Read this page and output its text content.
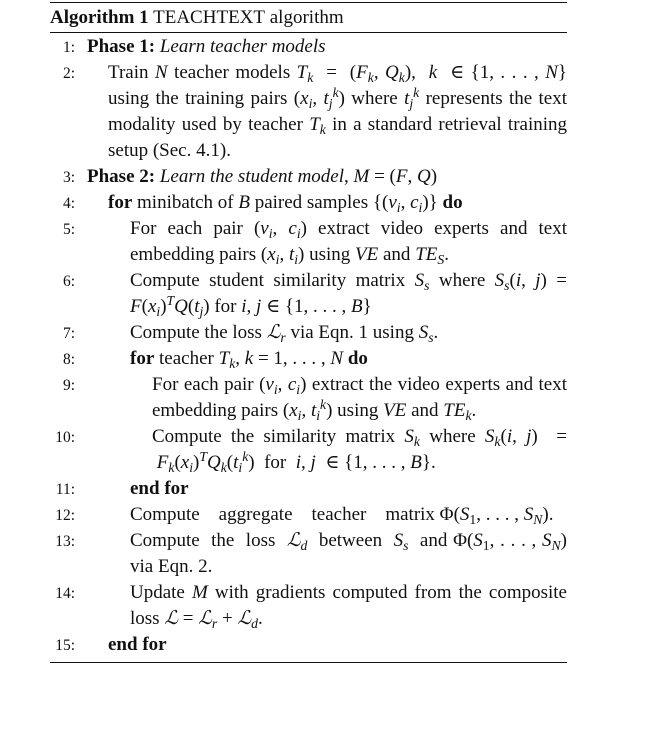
Algorithm 1 TEACHTEXT algorithm
1: Phase 1: Learn teacher models
2: Train N teacher models $T_k = (F_k$, $Q_k$),  k  ∈ {1, . . . , N} using the training pairs ($x_i$, $t_j^k$) where $t_j^k$ represents the text modality used by teacher $T_k$ in a standard retrieval training setup (Sec. 4.1).
3: Phase 2: Learn the student model, M = (F, Q)
4: for minibatch of B paired samples {($v_i$, $c_i$)} do
5:	For each pair ($v_i$, $c_i$) extract video experts and text embedding pairs ($x_i$, $t_i$) using VE and $TE_S$.
6:	Compute student similarity matrix $S_s$ where $S_s(i$, $j) = F(x_i)^TQ(t_j)$ for i, j ∈ {1, . . . , B}
7:	Compute the loss ℒ$_r$ via Eqn. 1 using $S_s$.
8:	for teacher $T_k$, k = 1, . . . , N do
9:	For each pair ($v_i$, $c_i$) extract the video experts and text embedding pairs ($x_i$, $t_i^k$) using VE and $TE_k$.
10:	Compute the similarity matrix $S_k$ where $S_k(i$, $j) = F_k(x_i)^TQ_k(t_i^k)$  for  i, j  ∈ {1, . . . , B}.
11:	end for
12:	Compute    aggregate    teacher    matrix $\Phi(S_1$, . . . , $S_N$).
13:	Compute  the  loss  ℒ$_d$  between  $S_s$  and $\Phi(S_1$, . . . , $S_N$) via Eqn. 2.
14:	Update M with gradients computed from the composite loss ℒ = ℒ$_r$ + ℒ$_d$.
15: end for
